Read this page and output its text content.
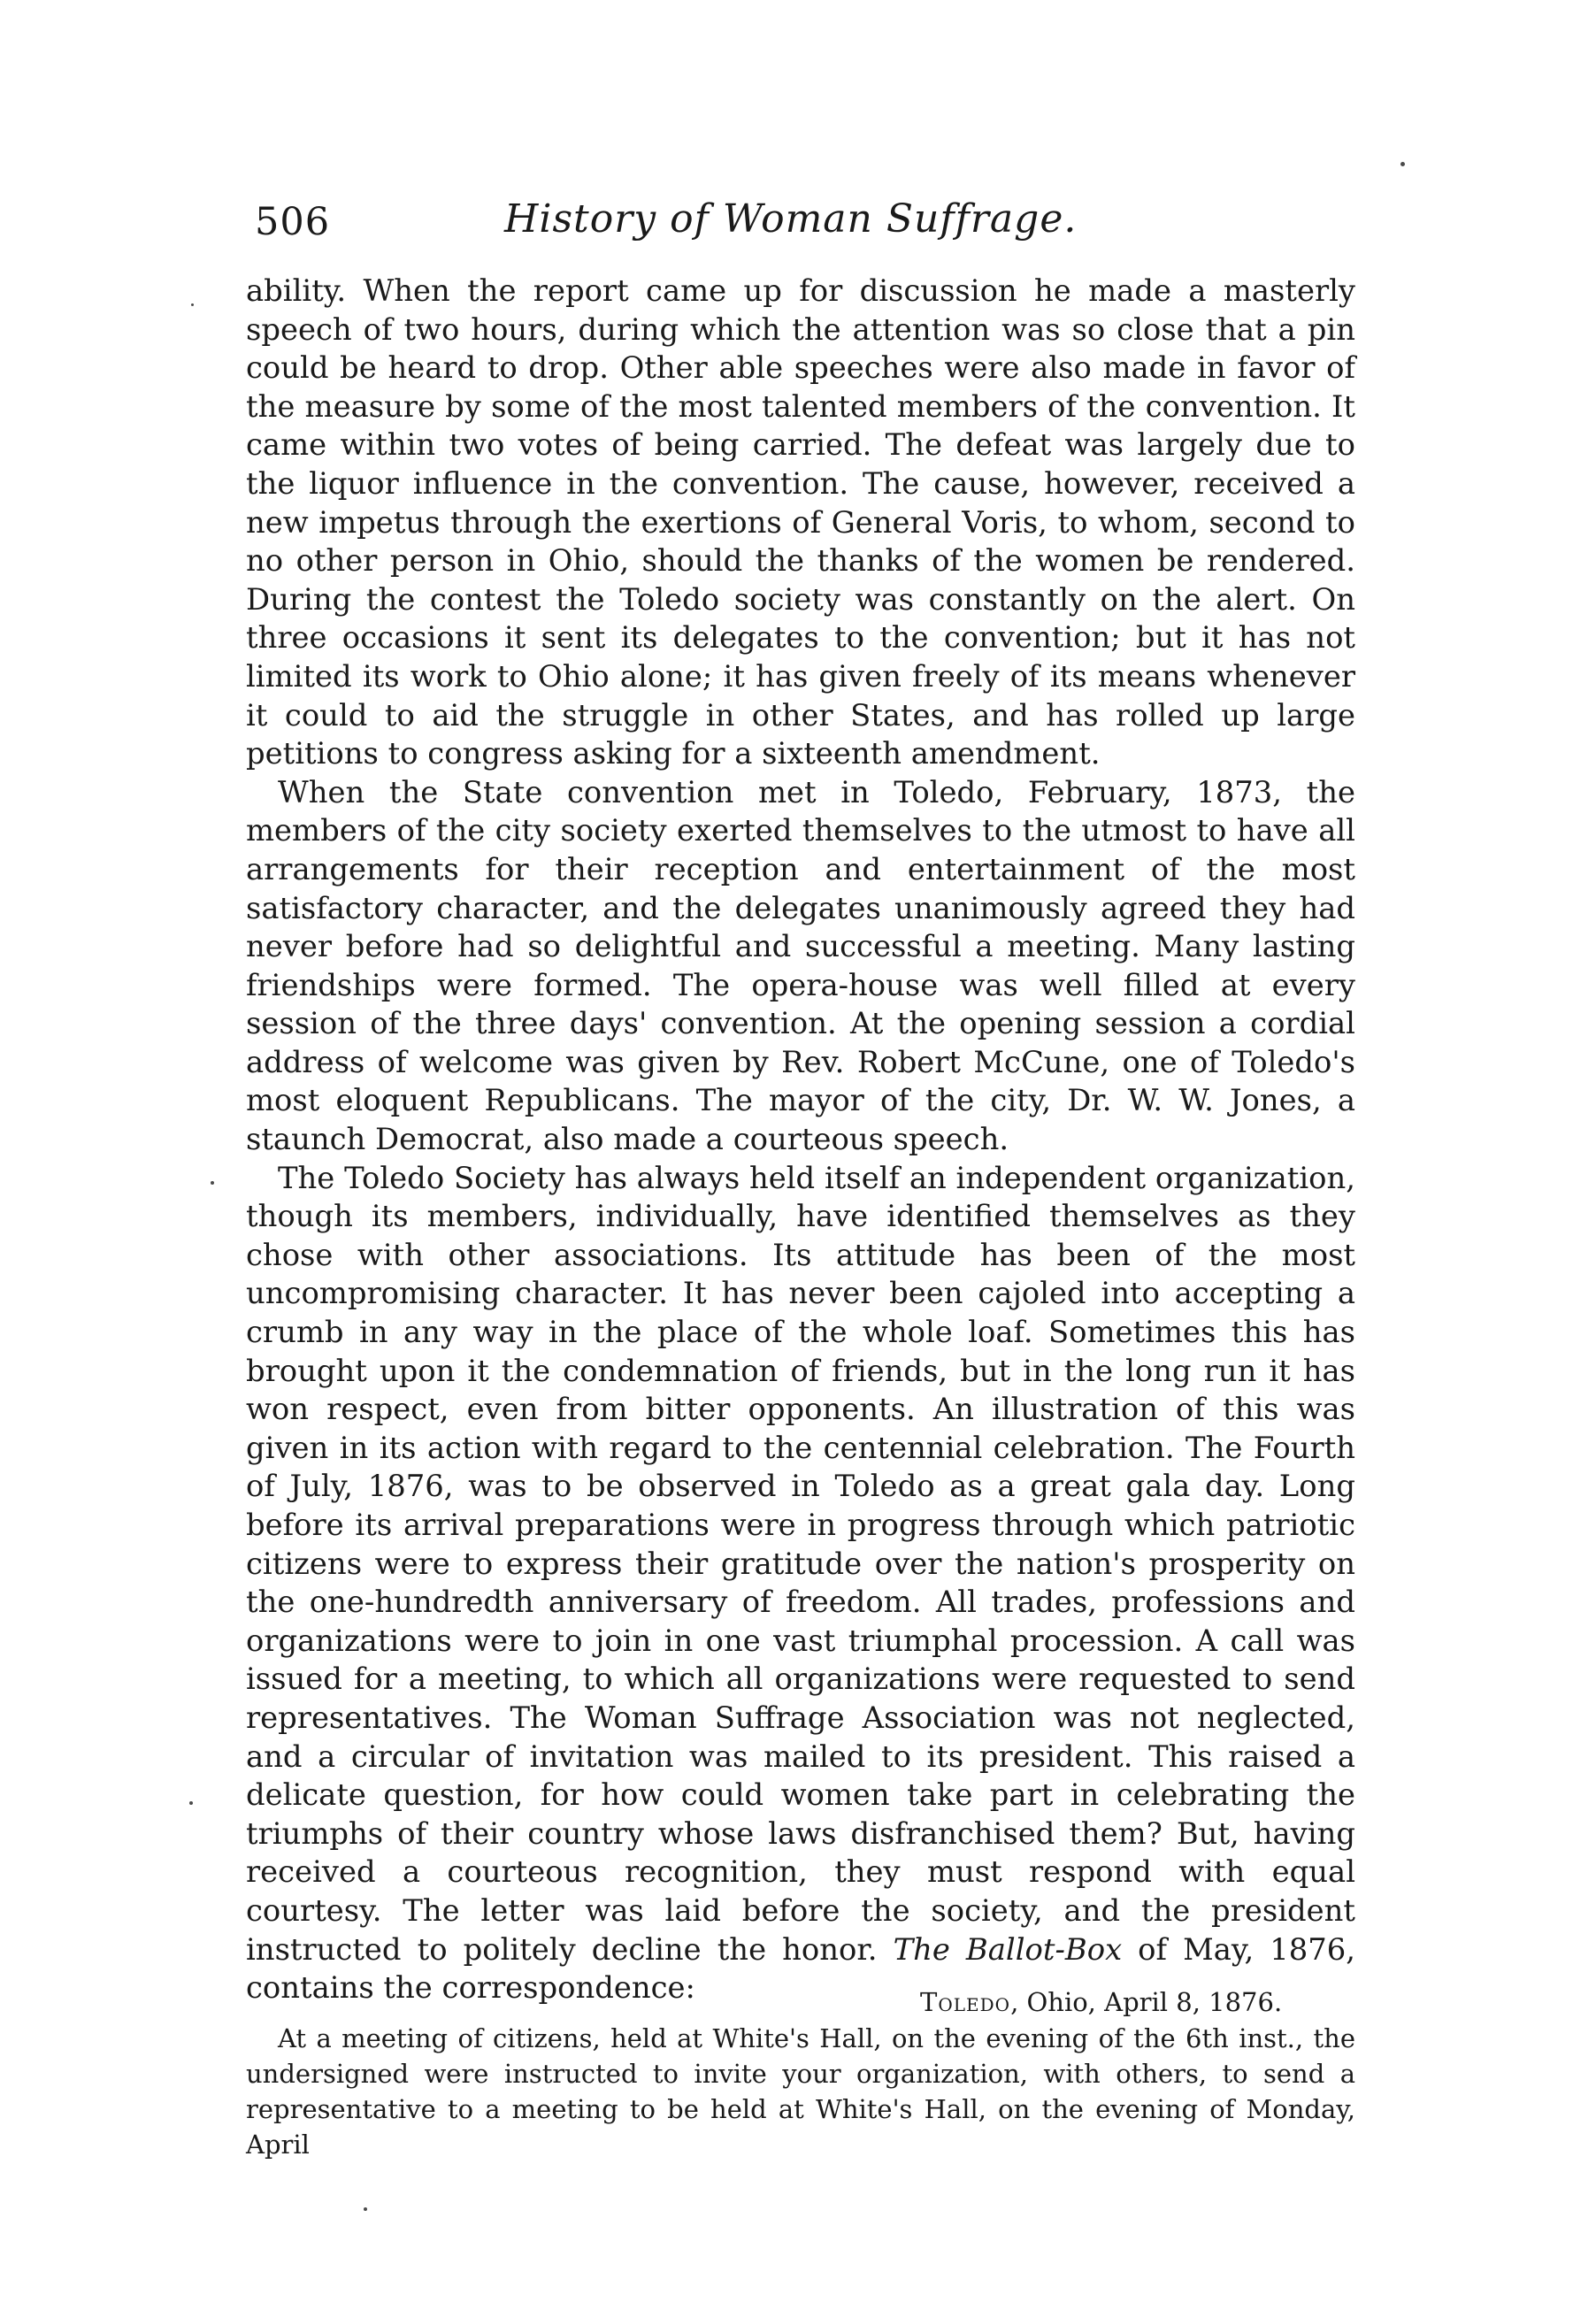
506	History of Woman Suffrage.

ability. When the report came up for discussion he made a masterly speech of two hours, during which the attention was so close that a pin could be heard to drop. Other able speeches were also made in favor of the measure by some of the most talented members of the convention. It came within two votes of being carried. The defeat was largely due to the liquor influence in the convention. The cause, however, received a new impetus through the exertions of General Voris, to whom, second to no other person in Ohio, should the thanks of the women be rendered. During the contest the Toledo society was constantly on the alert. On three occasions it sent its delegates to the convention; but it has not limited its work to Ohio alone; it has given freely of its means whenever it could to aid the struggle in other States, and has rolled up large petitions to congress asking for a sixteenth amendment.

When the State convention met in Toledo, February, 1873, the members of the city society exerted themselves to the utmost to have all arrangements for their reception and entertainment of the most satisfactory character, and the delegates unanimously agreed they had never before had so delightful and successful a meeting. Many lasting friendships were formed. The opera-house was well filled at every session of the three days' convention. At the opening session a cordial address of welcome was given by Rev. Robert McCune, one of Toledo's most eloquent Republicans. The mayor of the city, Dr. W. W. Jones, a staunch Democrat, also made a courteous speech.

The Toledo Society has always held itself an independent organization, though its members, individually, have identified themselves as they chose with other associations. Its attitude has been of the most uncompromising character. It has never been cajoled into accepting a crumb in any way in the place of the whole loaf. Sometimes this has brought upon it the condemnation of friends, but in the long run it has won respect, even from bitter opponents. An illustration of this was given in its action with regard to the centennial celebration. The Fourth of July, 1876, was to be observed in Toledo as a great gala day. Long before its arrival preparations were in progress through which patriotic citizens were to express their gratitude over the nation's prosperity on the one-hundredth anniversary of freedom. All trades, professions and organizations were to join in one vast triumphal procession. A call was issued for a meeting, to which all organizations were requested to send representatives. The Woman Suffrage Association was not neglected, and a circular of invitation was mailed to its president. This raised a delicate question, for how could women take part in celebrating the triumphs of their country whose laws disfranchised them? But, having received a courteous recognition, they must respond with equal courtesy. The letter was laid before the society, and the president instructed to politely decline the honor. The Ballot-Box of May, 1876, contains the correspondence:	Toledo, Ohio, April 8, 1876.

At a meeting of citizens, held at White's Hall, on the evening of the 6th inst., the undersigned were instructed to invite your organization, with others, to send a representative to a meeting to be held at White's Hall, on the evening of Monday, April
